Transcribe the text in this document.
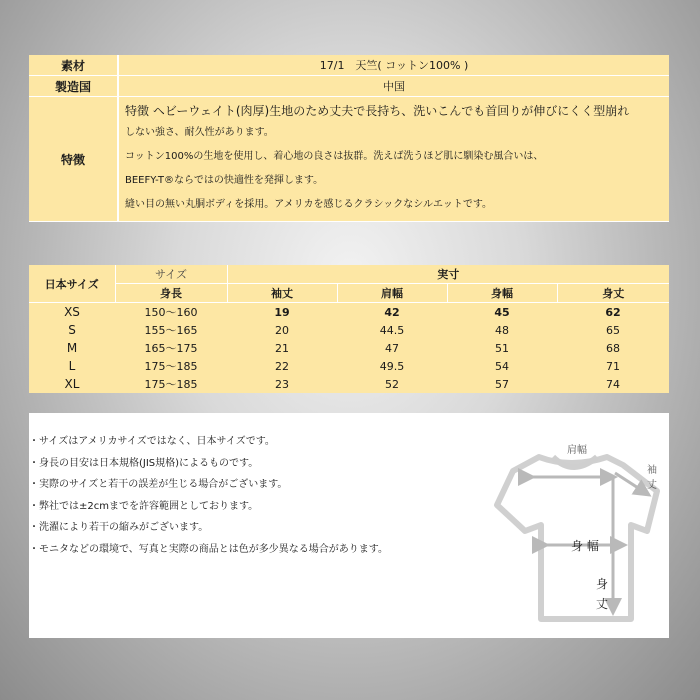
素材	17/1　天竺( コットン100% )
製造国	中国
特徴	特徴 ヘビーウェイト(肉厚)生地のため丈夫で長持ち、洗いこんでも首回りが伸びにくく型崩れ
しない強さ、耐久性があります。
コットン100%の生地を使用し、着心地の良さは抜群。洗えば洗うほど肌に馴染む風合いは、
BEEFY-T®ならではの快適性を発揮します。
縫い目の無い丸胴ボディを採用。アメリカを感じるクラシックなシルエットです。
日本サイズ	サイズ	実寸			
	身長	袖丈	肩幅	身幅	身丈
XS	150〜160	19	42	45	62
S	155〜165	20	44.5	48	65
M	165〜175	21	47	51	68
L	175〜185	22	49.5	54	71
XL	175〜185	23	52	57	74
・サイズはアメリカサイズではなく、日本サイズです。
・身長の目安は日本規格(JIS規格)によるものです。
・実際のサイズと若干の誤差が生じる場合がございます。
・弊社では±2cmまでを許容範囲としております。
・洗濯により若干の縮みがございます。
・モニタなどの環境で、写真と実際の商品とは色が多少異なる場合があります。
肩幅
袖丈
身 幅
身
丈
